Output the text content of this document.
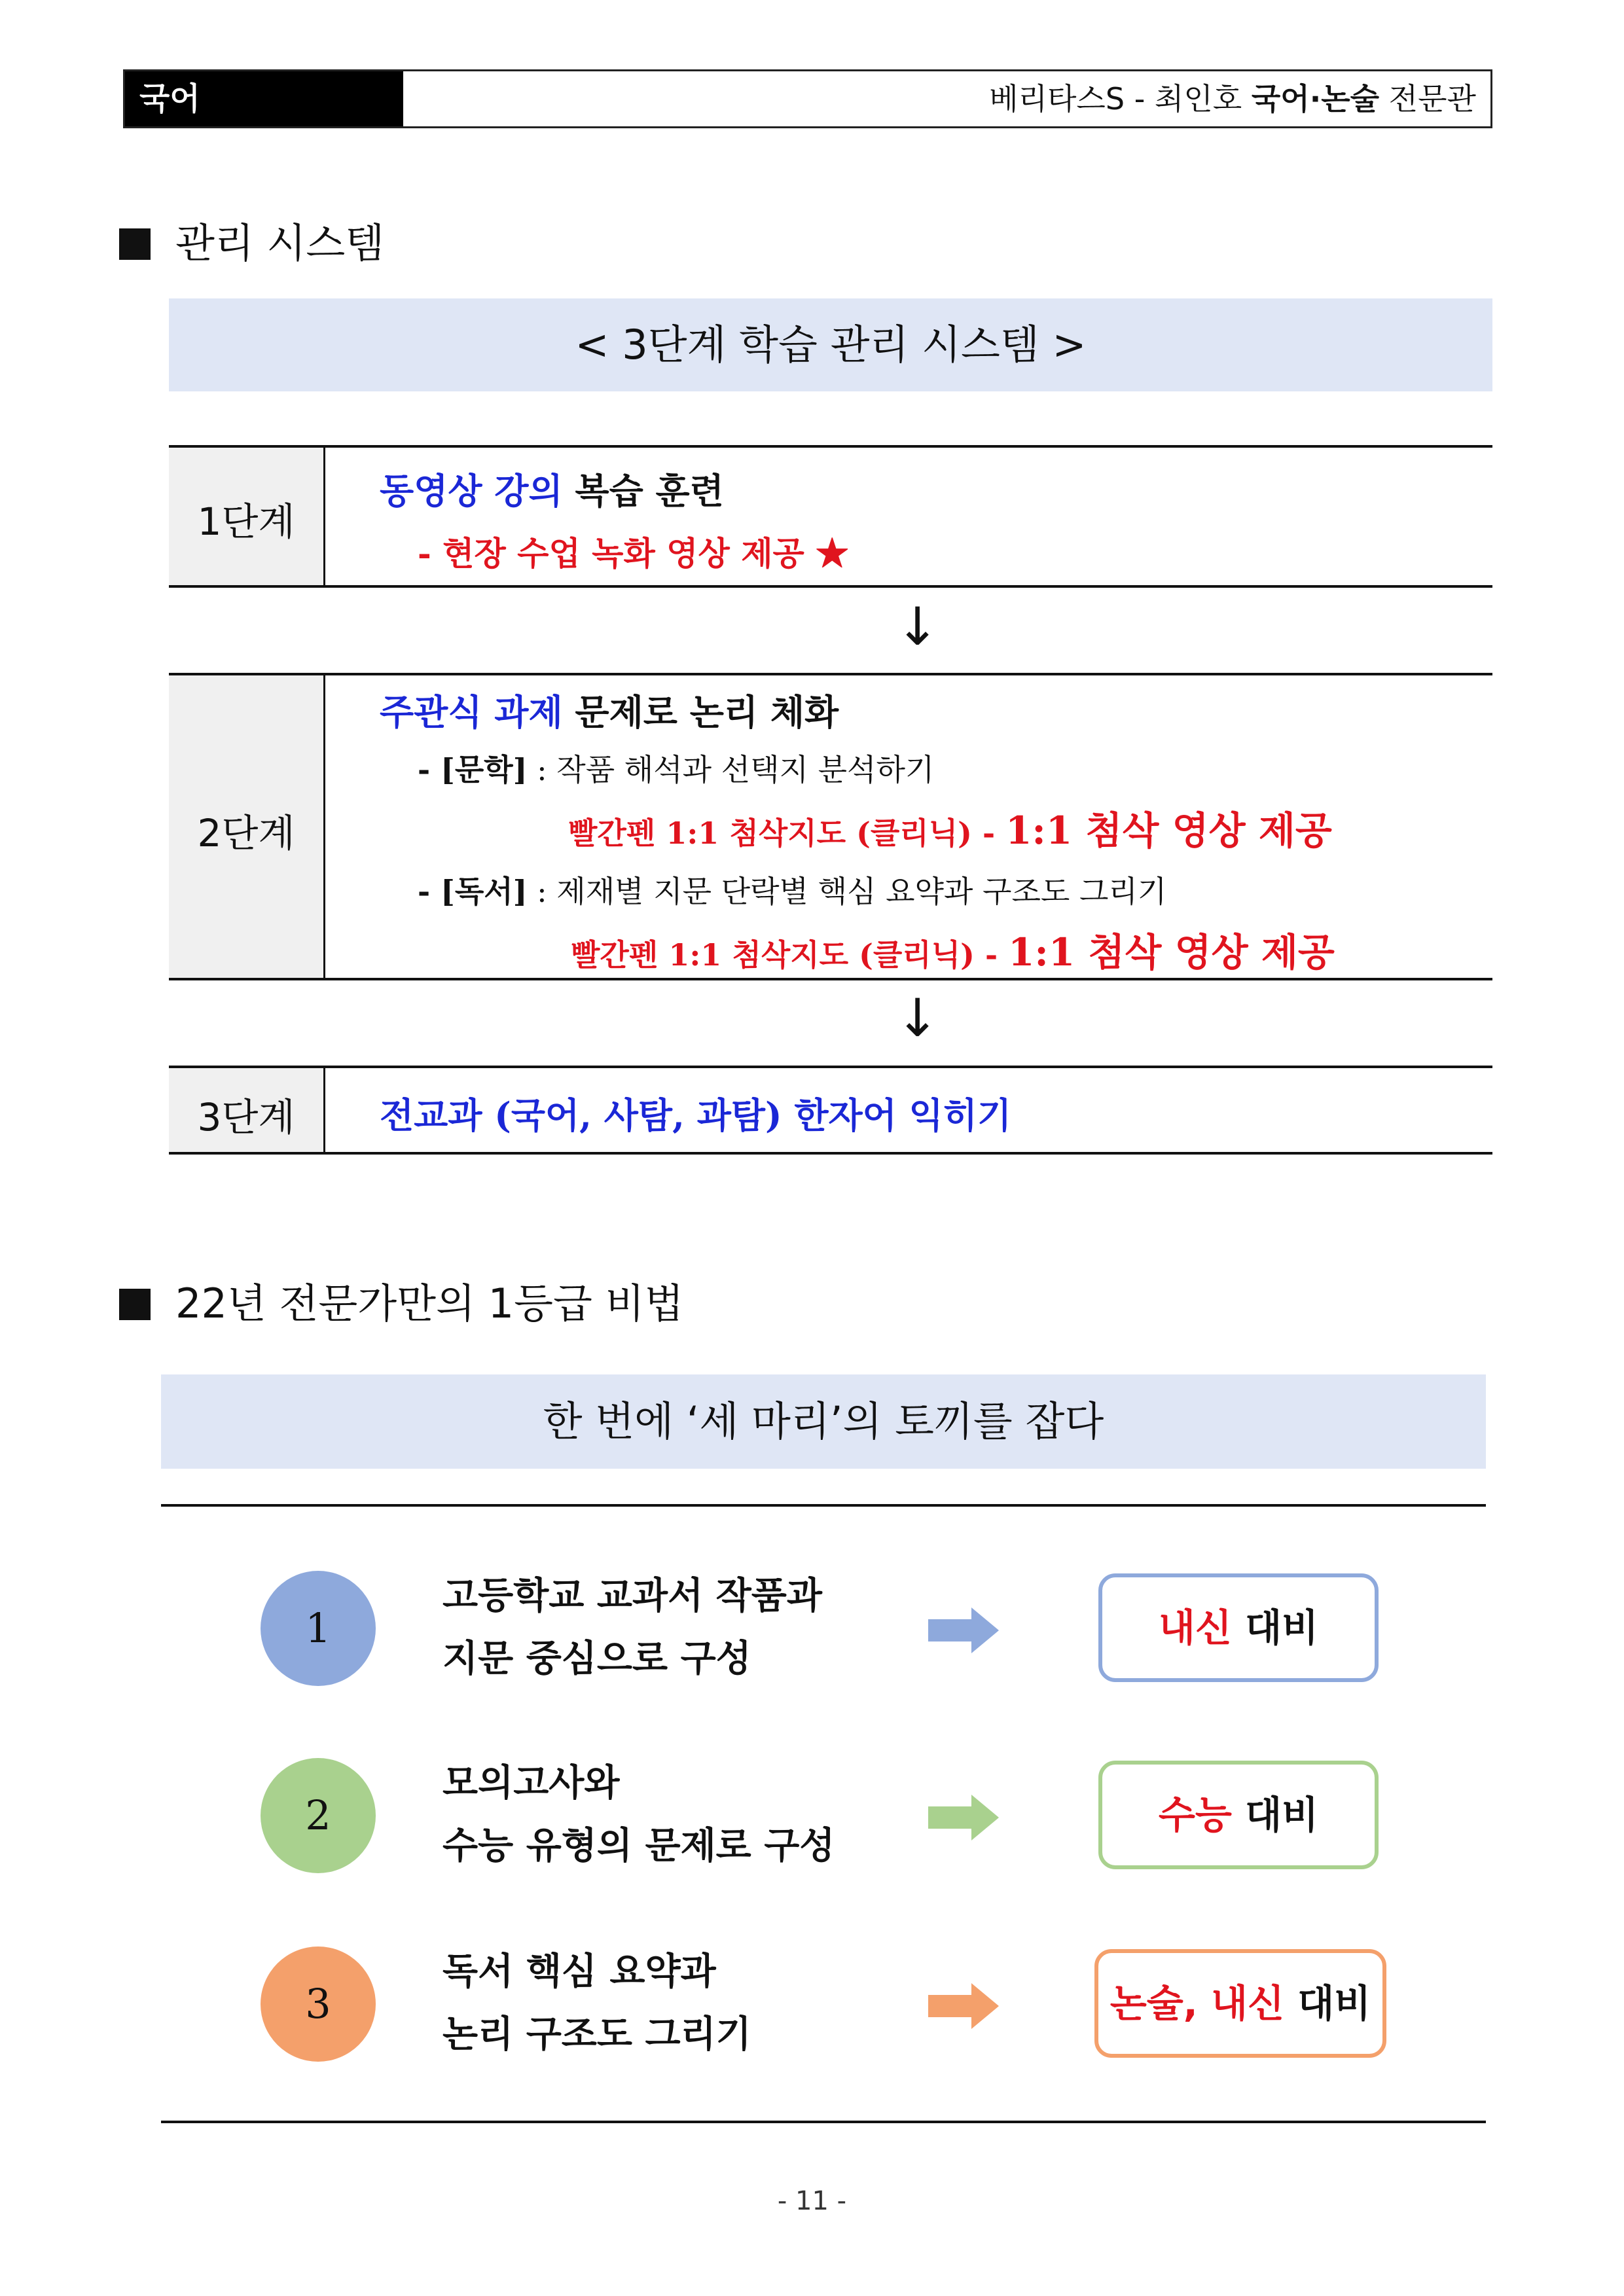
국어	베리타스S - 최인호 국어·논술 전문관
관리 시스템
< 3단계 학습 관리 시스템 >
1단계
동영상 강의 복습 훈련
- 현장 수업 녹화 영상 제공 ★
↓
2단계
주관식 과제 문제로 논리 체화
- [문학] : 작품 해석과 선택지 분석하기
빨간펜 1:1 첨삭지도 (클리닉) - 1:1 첨삭 영상 제공
- [독서] : 제재별 지문 단락별 핵심 요약과 구조도 그리기
빨간펜 1:1 첨삭지도 (클리닉) - 1:1 첨삭 영상 제공
↓
3단계	전교과 (국어, 사탐, 과탐) 한자어 익히기
22년 전문가만의 1등급 비법
한 번에 ‘세 마리’의 토끼를 잡다
1
고등학교 교과서 작품과
지문 중심으로 구성
내신 대비
2
모의고사와
수능 유형의 문제로 구성
수능 대비
3
독서 핵심 요약과
논리 구조도 그리기
논술, 내신 대비
- 11 -
